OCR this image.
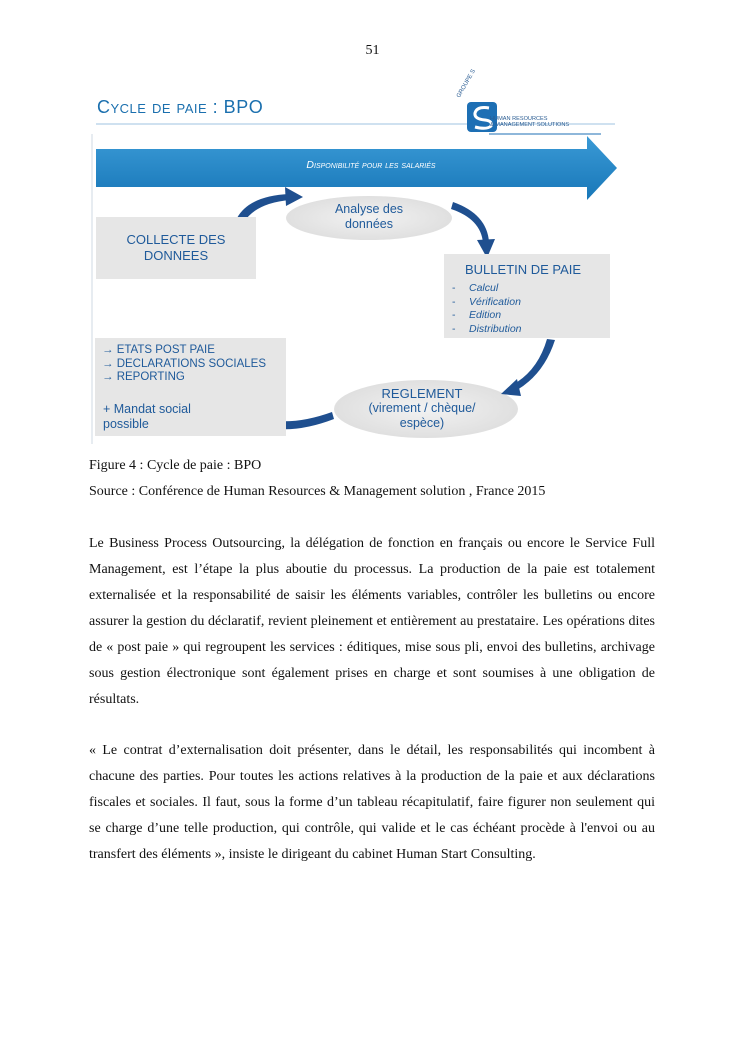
51
Cycle de paie : BPO
GROUPE S
HUMAN RESOURCES
& MANAGEMENT SOLUTIONS
Disponibilité pour les salariés
COLLECTE DES
DONNEES
Analyse des
données
BULLETIN DE PAIE
- Calcul
- Vérification
- Edition
- Distribution
→ ETATS POST PAIE
→ DECLARATIONS SOCIALES
→ REPORTING
+ Mandat social
possible
REGLEMENT
(virement / chèque/
espèce)
Figure 4 : Cycle de paie : BPO
Source : Conférence de Human Resources & Management solution , France 2015

Le Business Process Outsourcing, la délégation de fonction en français ou encore le Service Full Management, est l’étape la plus aboutie du processus. La production de la paie est totalement externalisée et la responsabilité de saisir les éléments variables, contrôler les bulletins ou encore assurer la gestion du déclaratif, revient pleinement et entièrement au prestataire. Les opérations dites de « post paie » qui regroupent les services : éditiques, mise sous pli, envoi des bulletins, archivage sous gestion électronique sont également prises en charge et sont soumises à une obligation de résultats.

« Le contrat d’externalisation doit présenter, dans le détail, les responsabilités qui incombent à chacune des parties. Pour toutes les actions relatives à la production de la paie et aux déclarations fiscales et sociales. Il faut, sous la forme d’un tableau récapitulatif, faire figurer non seulement qui se charge d’une telle production, qui contrôle, qui valide et le cas échéant procède à l'envoi ou au transfert des éléments », insiste le dirigeant du cabinet Human Start Consulting.
